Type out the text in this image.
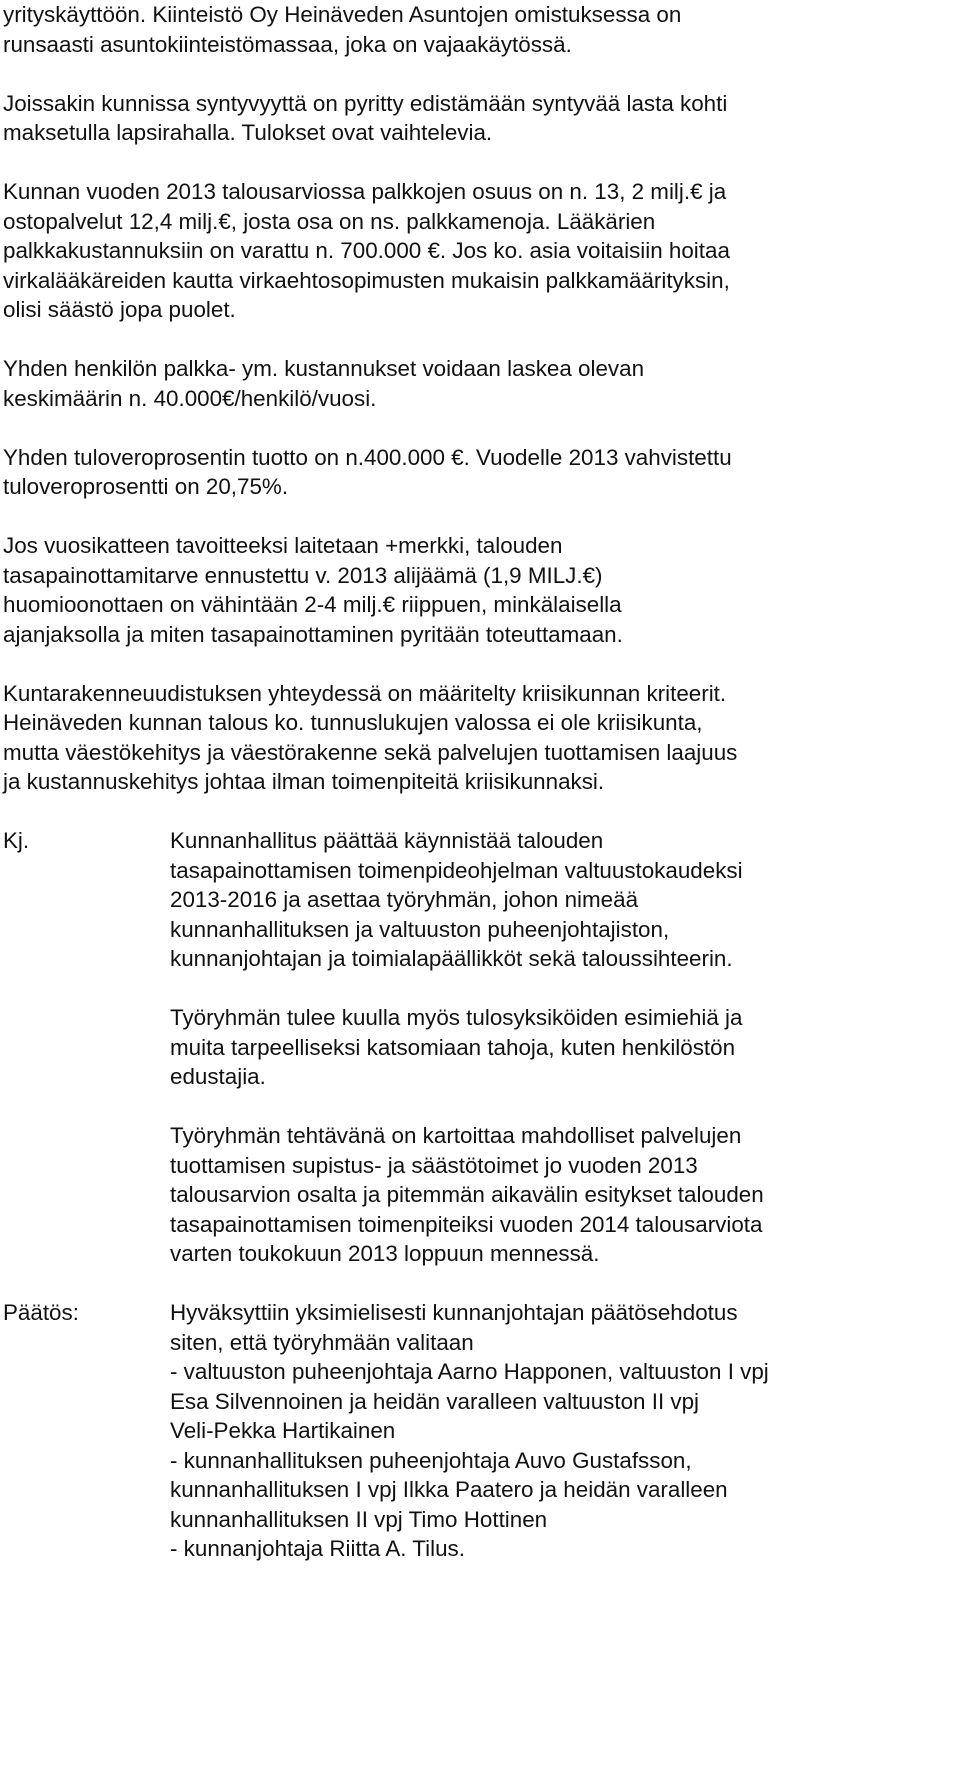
yrityskäyttöön. Kiinteistö Oy Heinäveden Asuntojen omistuksessa on
runsaasti asuntokiinteistömassaa, joka on vajaakäytössä.
Joissakin kunnissa syntyvyyttä on pyritty edistämään syntyvää lasta kohti
maksetulla lapsirahalla. Tulokset ovat vaihtelevia.
Kunnan vuoden 2013 talousarviossa palkkojen osuus on n. 13, 2 milj.€ ja
ostopalvelut 12,4 milj.€, josta osa on ns. palkkamenoja. Lääkärien
palkkakustannuksiin on varattu n. 700.000 €. Jos ko. asia voitaisiin hoitaa
virkalääkäreiden kautta virkaehtosopimusten mukaisin palkkamäärityksin,
olisi säästö jopa puolet.
Yhden henkilön palkka- ym. kustannukset voidaan laskea olevan
keskimäärin n. 40.000€/henkilö/vuosi.
Yhden tuloveroprosentin tuotto on n.400.000 €. Vuodelle 2013 vahvistettu
tuloveroprosentti on 20,75%.
Jos vuosikatteen tavoitteeksi laitetaan +merkki, talouden
tasapainottamitarve ennustettu v. 2013 alijäämä (1,9 MILJ.€)
huomioonottaen on vähintään 2-4 milj.€ riippuen, minkälaisella
ajanjaksolla ja miten tasapainottaminen pyritään toteuttamaan.
Kuntarakenneuudistuksen yhteydessä on määritelty kriisikunnan kriteerit.
Heinäveden kunnan talous ko. tunnuslukujen valossa ei ole kriisikunta,
mutta väestökehitys ja väestörakenne sekä palvelujen tuottamisen laajuus
ja kustannuskehitys johtaa ilman toimenpiteitä kriisikunnaksi.
Kj.	Kunnanhallitus päättää käynnistää talouden
tasapainottamisen toimenpideohjelman valtuustokaudeksi
2013-2016 ja asettaa työryhmän, johon nimeää
kunnanhallituksen ja valtuuston puheenjohtajiston,
kunnanjohtajan ja toimialapäällikköt sekä taloussihteerin.
Työryhmän tulee kuulla myös tulosyksiköiden esimiehiä ja
muita tarpeelliseksi katsomiaan tahoja, kuten henkilöstön
edustajia.
Työryhmän tehtävänä on kartoittaa mahdolliset palvelujen
tuottamisen supistus- ja säästötoimet jo vuoden 2013
talousarvion osalta ja pitemmän aikavälin esitykset talouden
tasapainottamisen toimenpiteiksi vuoden 2014 talousarviota
varten toukokuun 2013 loppuun mennessä.
Päätös:	Hyväksyttiin yksimielisesti kunnanjohtajan päätösehdotus
siten, että työryhmään valitaan
- valtuuston puheenjohtaja Aarno Happonen, valtuuston I vpj
Esa Silvennoinen ja heidän varalleen valtuuston II vpj
Veli-Pekka Hartikainen
- kunnanhallituksen puheenjohtaja Auvo Gustafsson,
kunnanhallituksen I vpj Ilkka Paatero ja heidän varalleen
kunnanhallituksen II vpj Timo Hottinen
- kunnanjohtaja Riitta A. Tilus.
